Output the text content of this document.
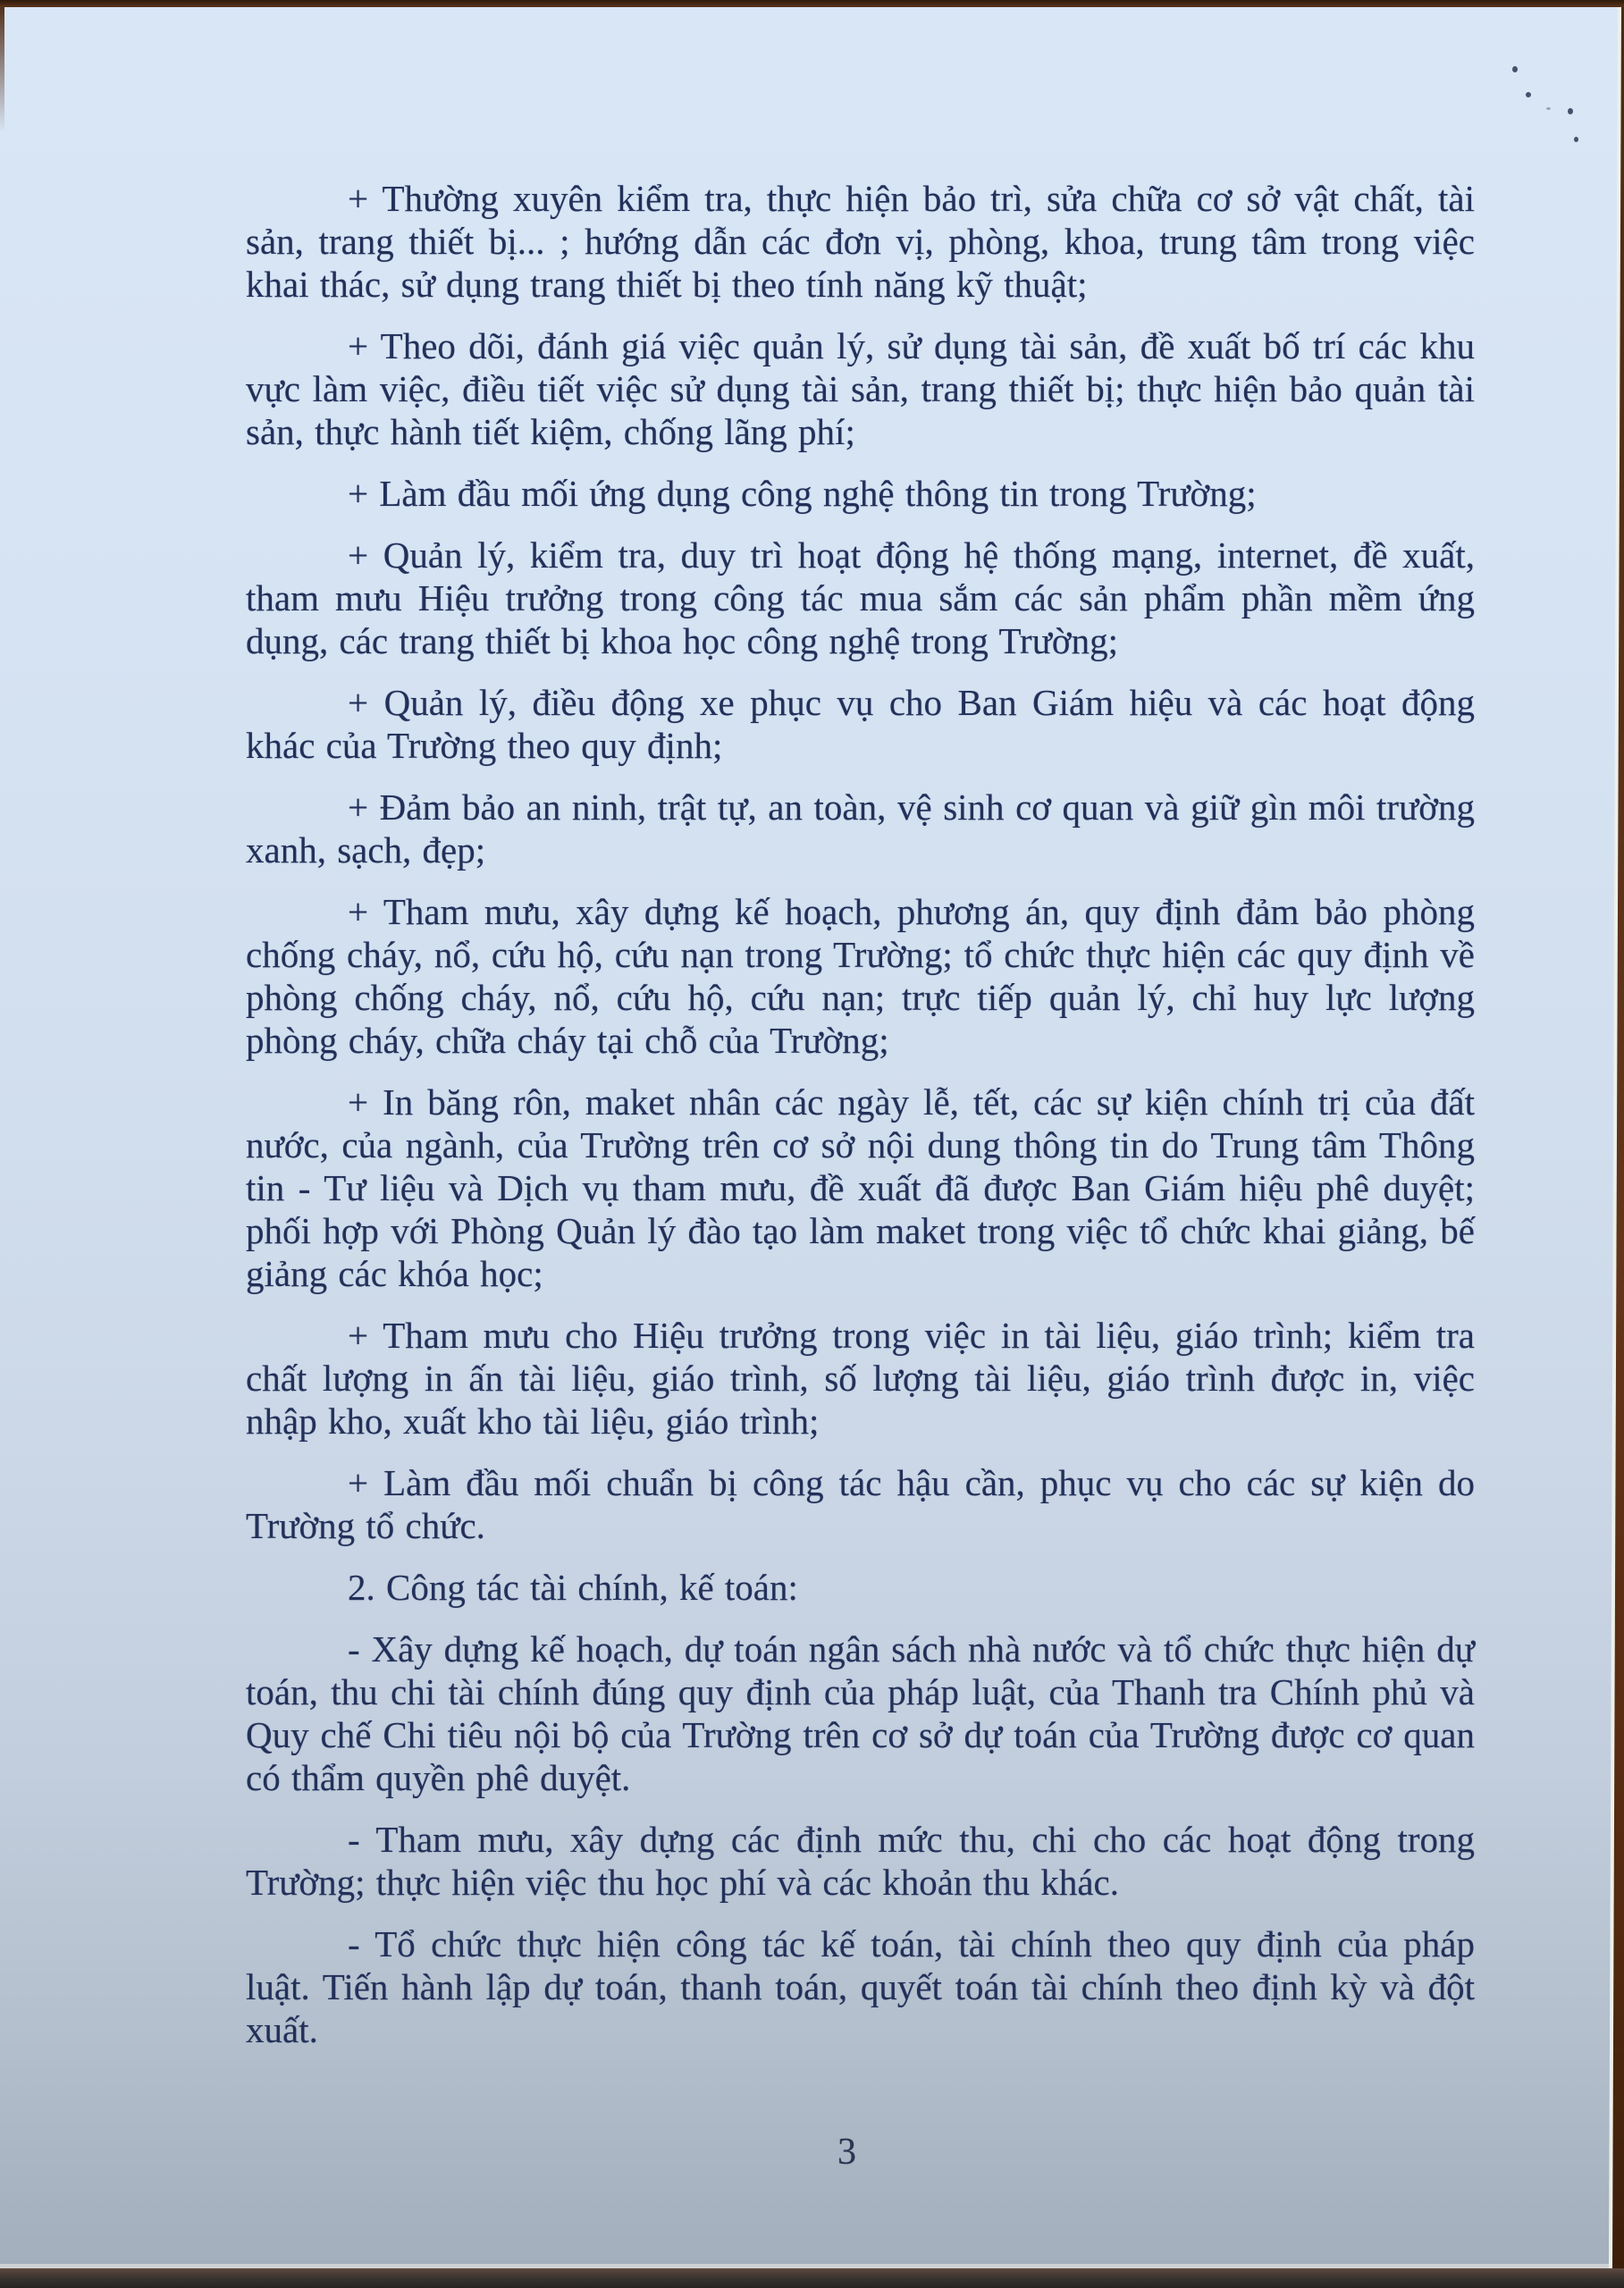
+ Thường xuyên kiểm tra, thực hiện bảo trì, sửa chữa cơ sở vật chất, tài sản, trang thiết bị... ; hướng dẫn các đơn vị, phòng, khoa, trung tâm trong việc khai thác, sử dụng trang thiết bị theo tính năng kỹ thuật;

+ Theo dõi, đánh giá việc quản lý, sử dụng tài sản, đề xuất bố trí các khu vực làm việc, điều tiết việc sử dụng tài sản, trang thiết bị; thực hiện bảo quản tài sản, thực hành tiết kiệm, chống lãng phí;

+ Làm đầu mối ứng dụng công nghệ thông tin trong Trường;

+ Quản lý, kiểm tra, duy trì hoạt động hệ thống mạng, internet, đề xuất, tham mưu Hiệu trưởng trong công tác mua sắm các sản phẩm phần mềm ứng dụng, các trang thiết bị khoa học công nghệ trong Trường;

+ Quản lý, điều động xe phục vụ cho Ban Giám hiệu và các hoạt động khác của Trường theo quy định;

+ Đảm bảo an ninh, trật tự, an toàn, vệ sinh cơ quan và giữ gìn môi trường xanh, sạch, đẹp;

+ Tham mưu, xây dựng kế hoạch, phương án, quy định đảm bảo phòng chống cháy, nổ, cứu hộ, cứu nạn trong Trường; tổ chức thực hiện các quy định về phòng chống cháy, nổ, cứu hộ, cứu nạn; trực tiếp quản lý, chỉ huy lực lượng phòng cháy, chữa cháy tại chỗ của Trường;

+ In băng rôn, maket nhân các ngày lễ, tết, các sự kiện chính trị của đất nước, của ngành, của Trường trên cơ sở nội dung thông tin do Trung tâm Thông tin - Tư liệu và Dịch vụ tham mưu, đề xuất đã được Ban Giám hiệu phê duyệt; phối hợp với Phòng Quản lý đào tạo làm maket trong việc tổ chức khai giảng, bế giảng các khóa học;

+ Tham mưu cho Hiệu trưởng trong việc in tài liệu, giáo trình; kiểm tra chất lượng in ấn tài liệu, giáo trình, số lượng tài liệu, giáo trình được in, việc nhập kho, xuất kho tài liệu, giáo trình;

+ Làm đầu mối chuẩn bị công tác hậu cần, phục vụ cho các sự kiện do Trường tổ chức.

2. Công tác tài chính, kế toán:

- Xây dựng kế hoạch, dự toán ngân sách nhà nước và tổ chức thực hiện dự toán, thu chi tài chính đúng quy định của pháp luật, của Thanh tra Chính phủ và Quy chế Chi tiêu nội bộ của Trường trên cơ sở dự toán của Trường được cơ quan có thẩm quyền phê duyệt.

- Tham mưu, xây dựng các định mức thu, chi cho các hoạt động trong Trường; thực hiện việc thu học phí và các khoản thu khác.

- Tổ chức thực hiện công tác kế toán, tài chính theo quy định của pháp luật. Tiến hành lập dự toán, thanh toán, quyết toán tài chính theo định kỳ và đột xuất.

3
